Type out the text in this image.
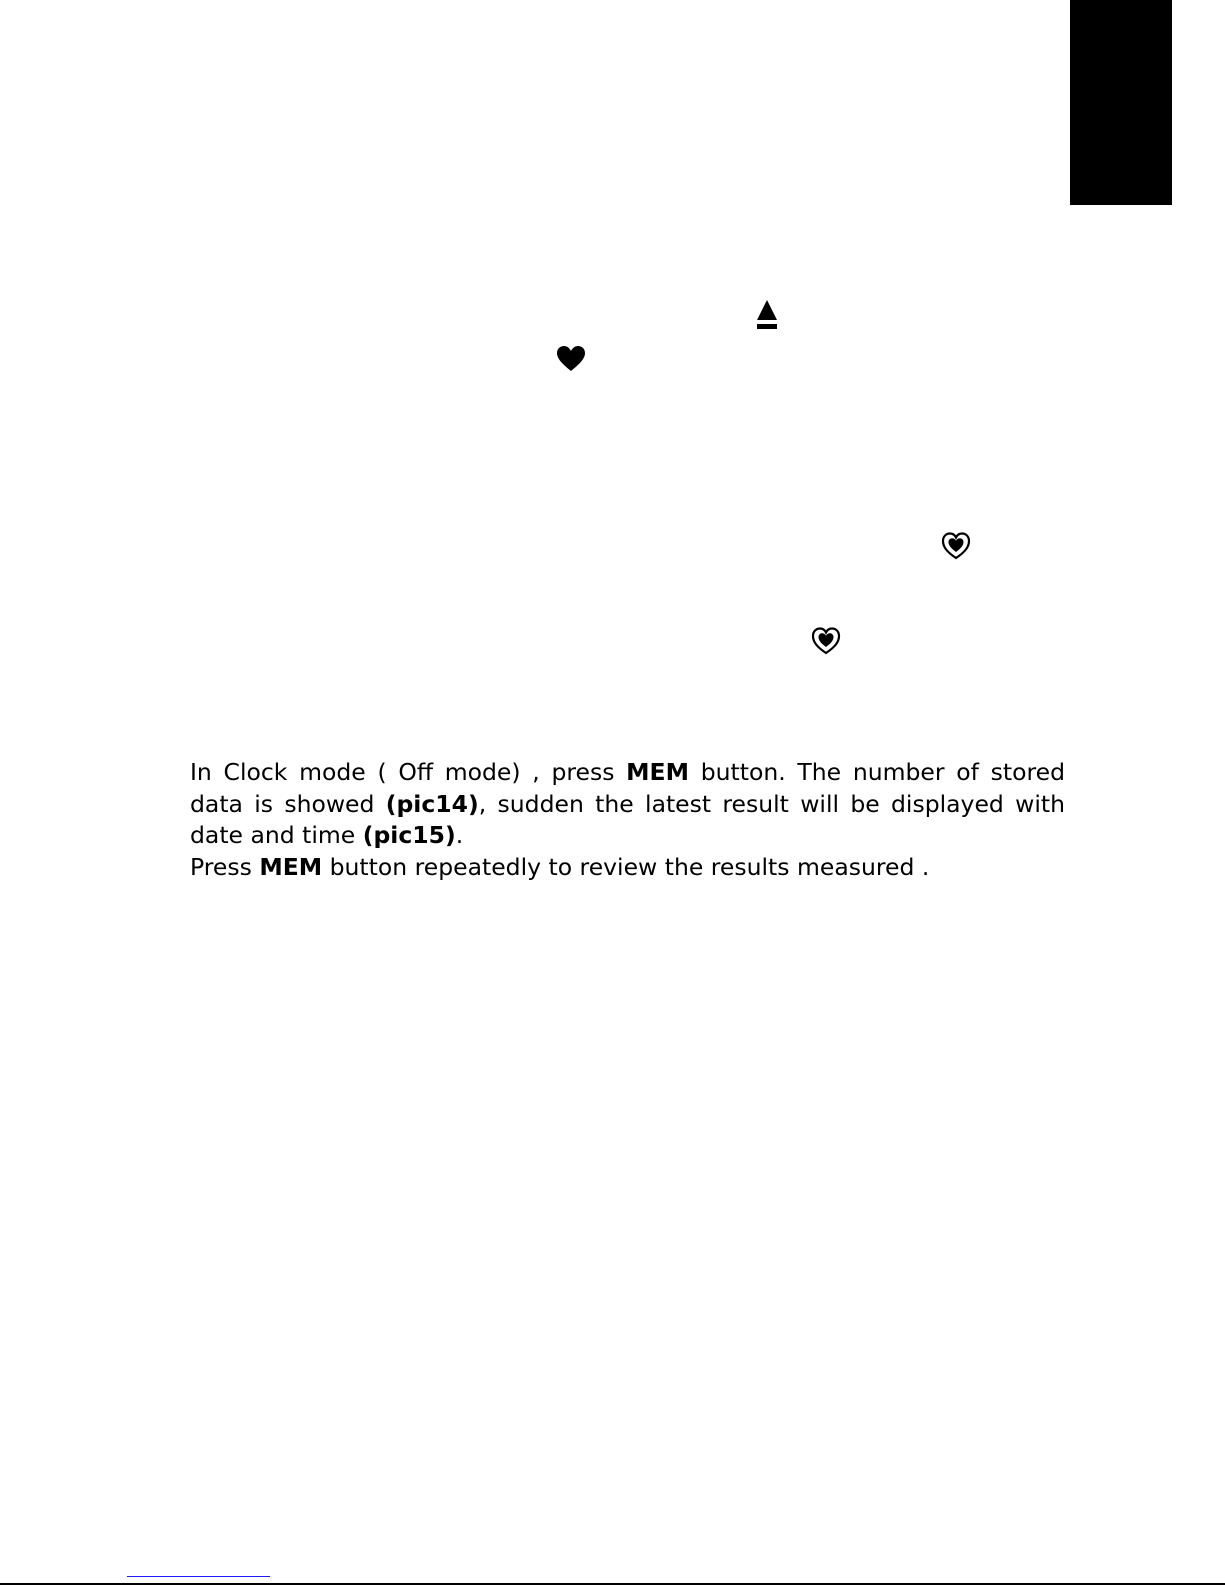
In Clock mode ( Off mode) , press MEM button. The number of stored data is showed (pic14), sudden the latest result will be displayed with date and time (pic15).

Press MEM button repeatedly to review the results measured .
